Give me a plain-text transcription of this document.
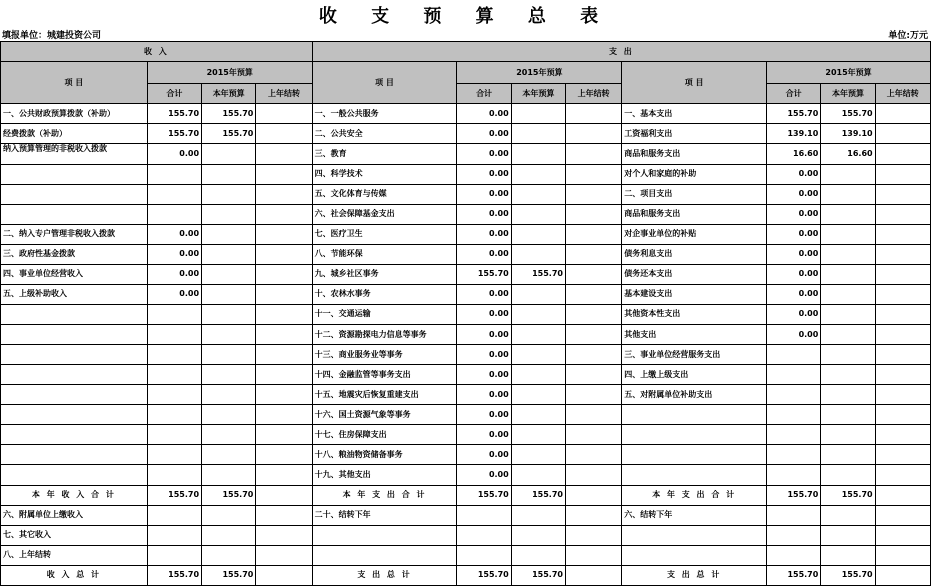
收 支 预 算 总 表
填报单位：城建投资公司	单位:万元
收 入				支 出							
项 目	2015年预算			项 目	2015年预算			项 目	2015年预算		
	合计	本年预算	上年结转		合计	本年预算	上年结转		合计	本年预算	上年结转
一、公共财政预算拨款（补助）	155.70	155.70		一、一般公共服务	0.00			一、基本支出	155.70	155.70	
经费拨款（补助）	155.70	155.70		二、公共安全	0.00			工资福利支出	139.10	139.10	
纳入预算管理的非税收入拨款	0.00			三、教育	0.00			商品和服务支出	16.60	16.60	
				四、科学技术	0.00			对个人和家庭的补助	0.00		
				五、文化体育与传媒	0.00			二、项目支出	0.00		
				六、社会保障基金支出	0.00			商品和服务支出	0.00		
二、纳入专户管理非税收入拨款	0.00			七、医疗卫生	0.00			对企事业单位的补贴	0.00		
三、政府性基金拨款	0.00			八、节能环保	0.00			债务利息支出	0.00		
四、事业单位经营收入	0.00			九、城乡社区事务	155.70	155.70		债务还本支出	0.00		
五、上级补助收入	0.00			十、农林水事务	0.00			基本建设支出	0.00		
				十一、交通运输	0.00			其他资本性支出	0.00		
				十二、资源勘探电力信息等事务	0.00			其他支出	0.00		
				十三、商业服务业等事务	0.00			三、事业单位经营服务支出			
				十四、金融监管等事务支出	0.00			四、上缴上级支出			
				十五、地震灾后恢复重建支出	0.00			五、对附属单位补助支出			
				十六、国土资源气象等事务	0.00						
				十七、住房保障支出	0.00						
				十八、粮油物资储备事务	0.00						
				十九、其他支出	0.00						
本 年 收 入 合 计	155.70	155.70		本 年 支 出 合 计	155.70	155.70		本 年 支 出 合 计	155.70	155.70	
六、附属单位上缴收入				二十、结转下年				六、结转下年			
七、其它收入											
八、上年结转											
收 入 总 计	155.70	155.70		支 出 总 计	155.70	155.70		支 出 总 计	155.70	155.70	
